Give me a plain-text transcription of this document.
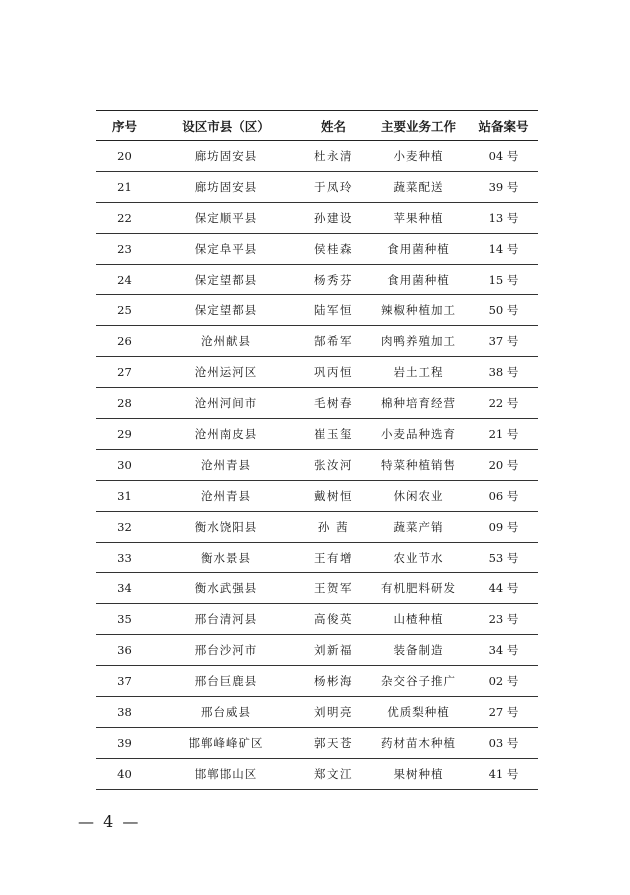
序号	设区市县（区）	姓名	主要业务工作	站备案号
20	廊坊固安县	杜永清	小麦种植	04 号
21	廊坊固安县	于凤玲	蔬菜配送	39 号
22	保定顺平县	孙建设	苹果种植	13 号
23	保定阜平县	侯桂森	食用菌种植	14 号
24	保定望都县	杨秀芬	食用菌种植	15 号
25	保定望都县	陆军恒	辣椒种植加工	50 号
26	沧州献县	郜希军	肉鸭养殖加工	37 号
27	沧州运河区	巩丙恒	岩土工程	38 号
28	沧州河间市	毛树春	棉种培育经营	22 号
29	沧州南皮县	崔玉玺	小麦品种选育	21 号
30	沧州青县	张汝河	特菜种植销售	20 号
31	沧州青县	戴树恒	休闲农业	06 号
32	衡水饶阳县	孙 茜	蔬菜产销	09 号
33	衡水景县	王有增	农业节水	53 号
34	衡水武强县	王贺军	有机肥料研发	44 号
35	邢台清河县	高俊英	山楂种植	23 号
36	邢台沙河市	刘新福	装备制造	34 号
37	邢台巨鹿县	杨彬海	杂交谷子推广	02 号
38	邢台威县	刘明亮	优质梨种植	27 号
39	邯郸峰峰矿区	郭天苍	药材苗木种植	03 号
40	邯郸邯山区	郑文江	果树种植	41 号
— 4 —
